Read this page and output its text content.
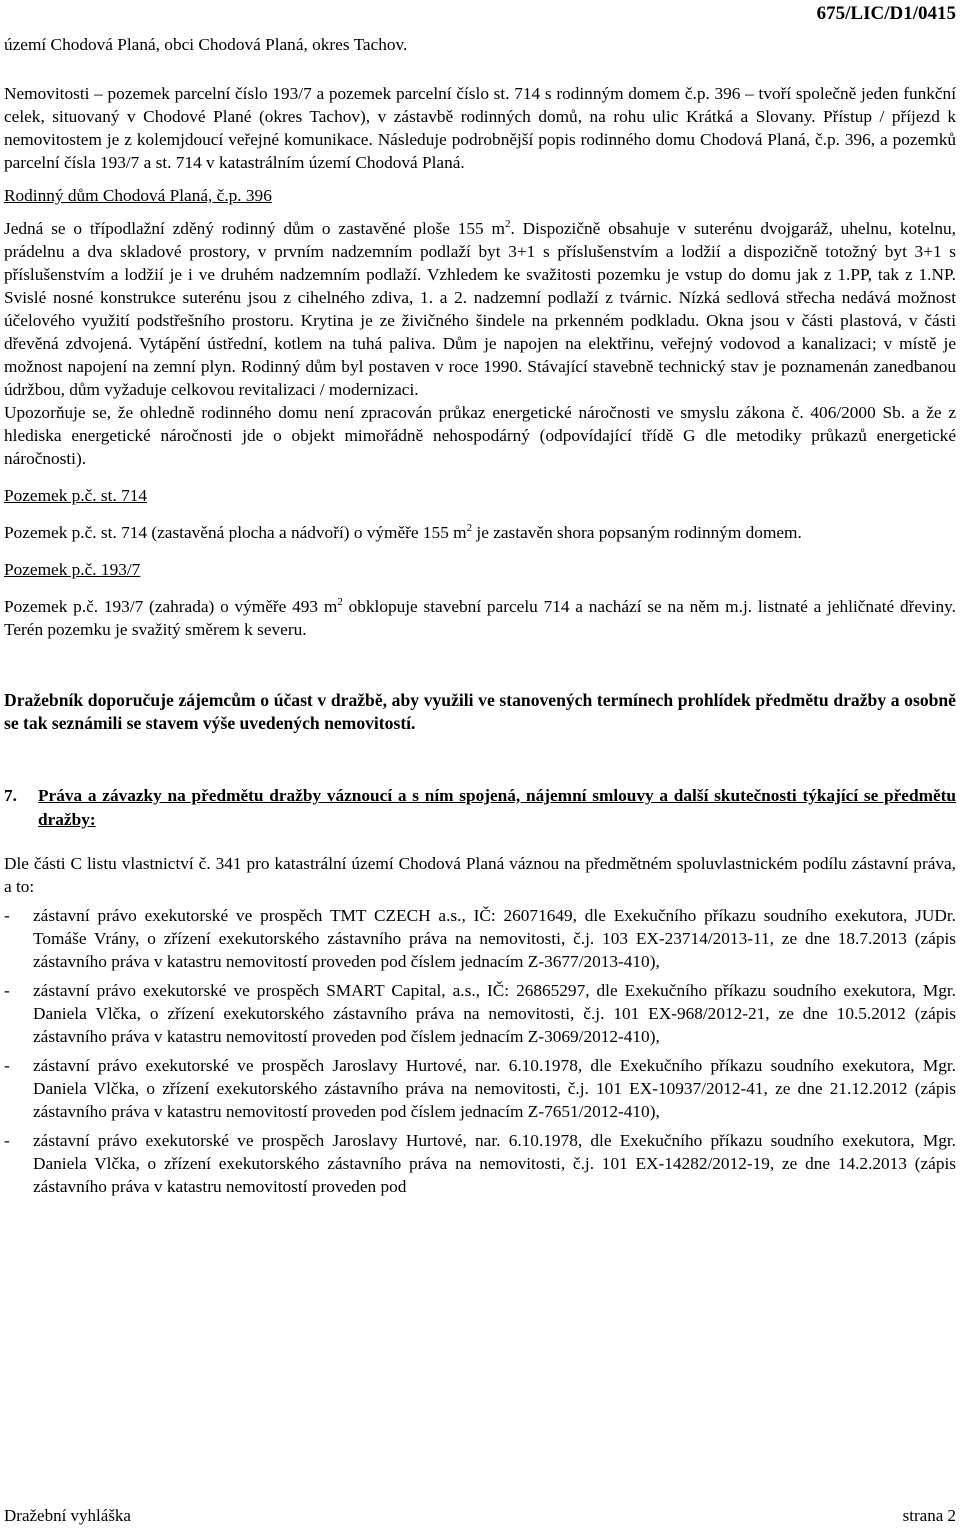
675/LIC/D1/0415

území Chodová Planá, obci Chodová Planá, okres Tachov.

Nemovitosti – pozemek parcelní číslo 193/7 a pozemek parcelní číslo st. 714 s rodinným domem č.p. 396 – tvoří společně jeden funkční celek, situovaný v Chodové Plané (okres Tachov), v zástavbě rodinných domů, na rohu ulic Krátká a Slovany. Přístup / příjezd k nemovitostem je z kolemjdoucí veřejné komunikace. Následuje podrobnější popis rodinného domu Chodová Planá, č.p. 396, a pozemků parcelní čísla 193/7 a st. 714 v katastrálním území Chodová Planá.

Rodinný dům Chodová Planá, č.p. 396

Jedná se o třípodlažní zděný rodinný dům o zastavěné ploše 155 $m^2$. Dispozičně obsahuje v suterénu dvojgaráž, uhelnu, kotelnu, prádelnu a dva skladové prostory, v prvním nadzemním podlaží byt 3+1 s příslušenstvím a lodžií a dispozičně totožný byt 3+1 s příslušenstvím a lodžií je i ve druhém nadzemním podlaží. Vzhledem ke svažitosti pozemku je vstup do domu jak z 1.PP, tak z 1.NP. Svislé nosné konstrukce suterénu jsou z cihelného zdiva, 1. a 2. nadzemní podlaží z tvárnic. Nízká sedlová střecha nedává možnost účelového využití podstřešního prostoru. Krytina je ze živičného šindele na prkenném podkladu. Okna jsou v části plastová, v části dřevěná zdvojená. Vytápění ústřední, kotlem na tuhá paliva. Dům je napojen na elektřinu, veřejný vodovod a kanalizaci; v místě je možnost napojení na zemní plyn. Rodinný dům byl postaven v roce 1990. Stávající stavebně technický stav je poznamenán zanedbanou údržbou, dům vyžaduje celkovou revitalizaci / modernizaci.

Upozorňuje se, že ohledně rodinného domu není zpracován průkaz energetické náročnosti ve smyslu zákona č. 406/2000 Sb. a že z hlediska energetické náročnosti jde o objekt mimořádně nehospodárný (odpovídající třídě G dle metodiky průkazů energetické náročnosti).

Pozemek p.č. st. 714

Pozemek p.č. st. 714 (zastavěná plocha a nádvoří) o výměře 155 $m^2$ je zastavěn shora popsaným rodinným domem.

Pozemek p.č. 193/7

Pozemek p.č. 193/7 (zahrada) o výměře 493 $m^2$ obklopuje stavební parcelu 714 a nachází se na něm m.j. listnaté a jehličnaté dřeviny. Terén pozemku je svažitý směrem k severu.

Dražebník doporučuje zájemcům o účast v dražbě, aby využili ve stanovených termínech prohlídek předmětu dražby a osobně se tak seznámili se stavem výše uvedených nemovitostí.

7.	Práva a závazky na předmětu dražby váznoucí a s ním spojená, nájemní smlouvy a další skutečnosti týkající se předmětu dražby:

Dle části C listu vlastnictví č. 341 pro katastrální území Chodová Planá váznou na předmětném spoluvlastnickém podílu zástavní práva, a to:

-	zástavní právo exekutorské ve prospěch TMT CZECH a.s., IČ: 26071649, dle Exekučního příkazu soudního exekutora, JUDr. Tomáše Vrány, o zřízení exekutorského zástavního práva na nemovitosti, č.j. 103 EX-23714/2013-11, ze dne 18.7.2013 (zápis zástavního práva v katastru nemovitostí proveden pod číslem jednacím Z-3677/2013-410),
-	zástavní právo exekutorské ve prospěch SMART Capital, a.s., IČ: 26865297, dle Exekučního příkazu soudního exekutora, Mgr. Daniela Vlčka, o zřízení exekutorského zástavního práva na nemovitosti, č.j. 101 EX-968/2012-21, ze dne 10.5.2012 (zápis zástavního práva v katastru nemovitostí proveden pod číslem jednacím Z-3069/2012-410),
-	zástavní právo exekutorské ve prospěch Jaroslavy Hurtové, nar. 6.10.1978, dle Exekučního příkazu soudního exekutora, Mgr. Daniela Vlčka, o zřízení exekutorského zástavního práva na nemovitosti, č.j. 101 EX-10937/2012-41, ze dne 21.12.2012 (zápis zástavního práva v katastru nemovitostí proveden pod číslem jednacím Z-7651/2012-410),
-	zástavní právo exekutorské ve prospěch Jaroslavy Hurtové, nar. 6.10.1978, dle Exekučního příkazu soudního exekutora, Mgr. Daniela Vlčka, o zřízení exekutorského zástavního práva na nemovitosti, č.j. 101 EX-14282/2012-19, ze dne 14.2.2013 (zápis zástavního práva v katastru nemovitostí proveden pod
Dražební vyhláška	strana 2
